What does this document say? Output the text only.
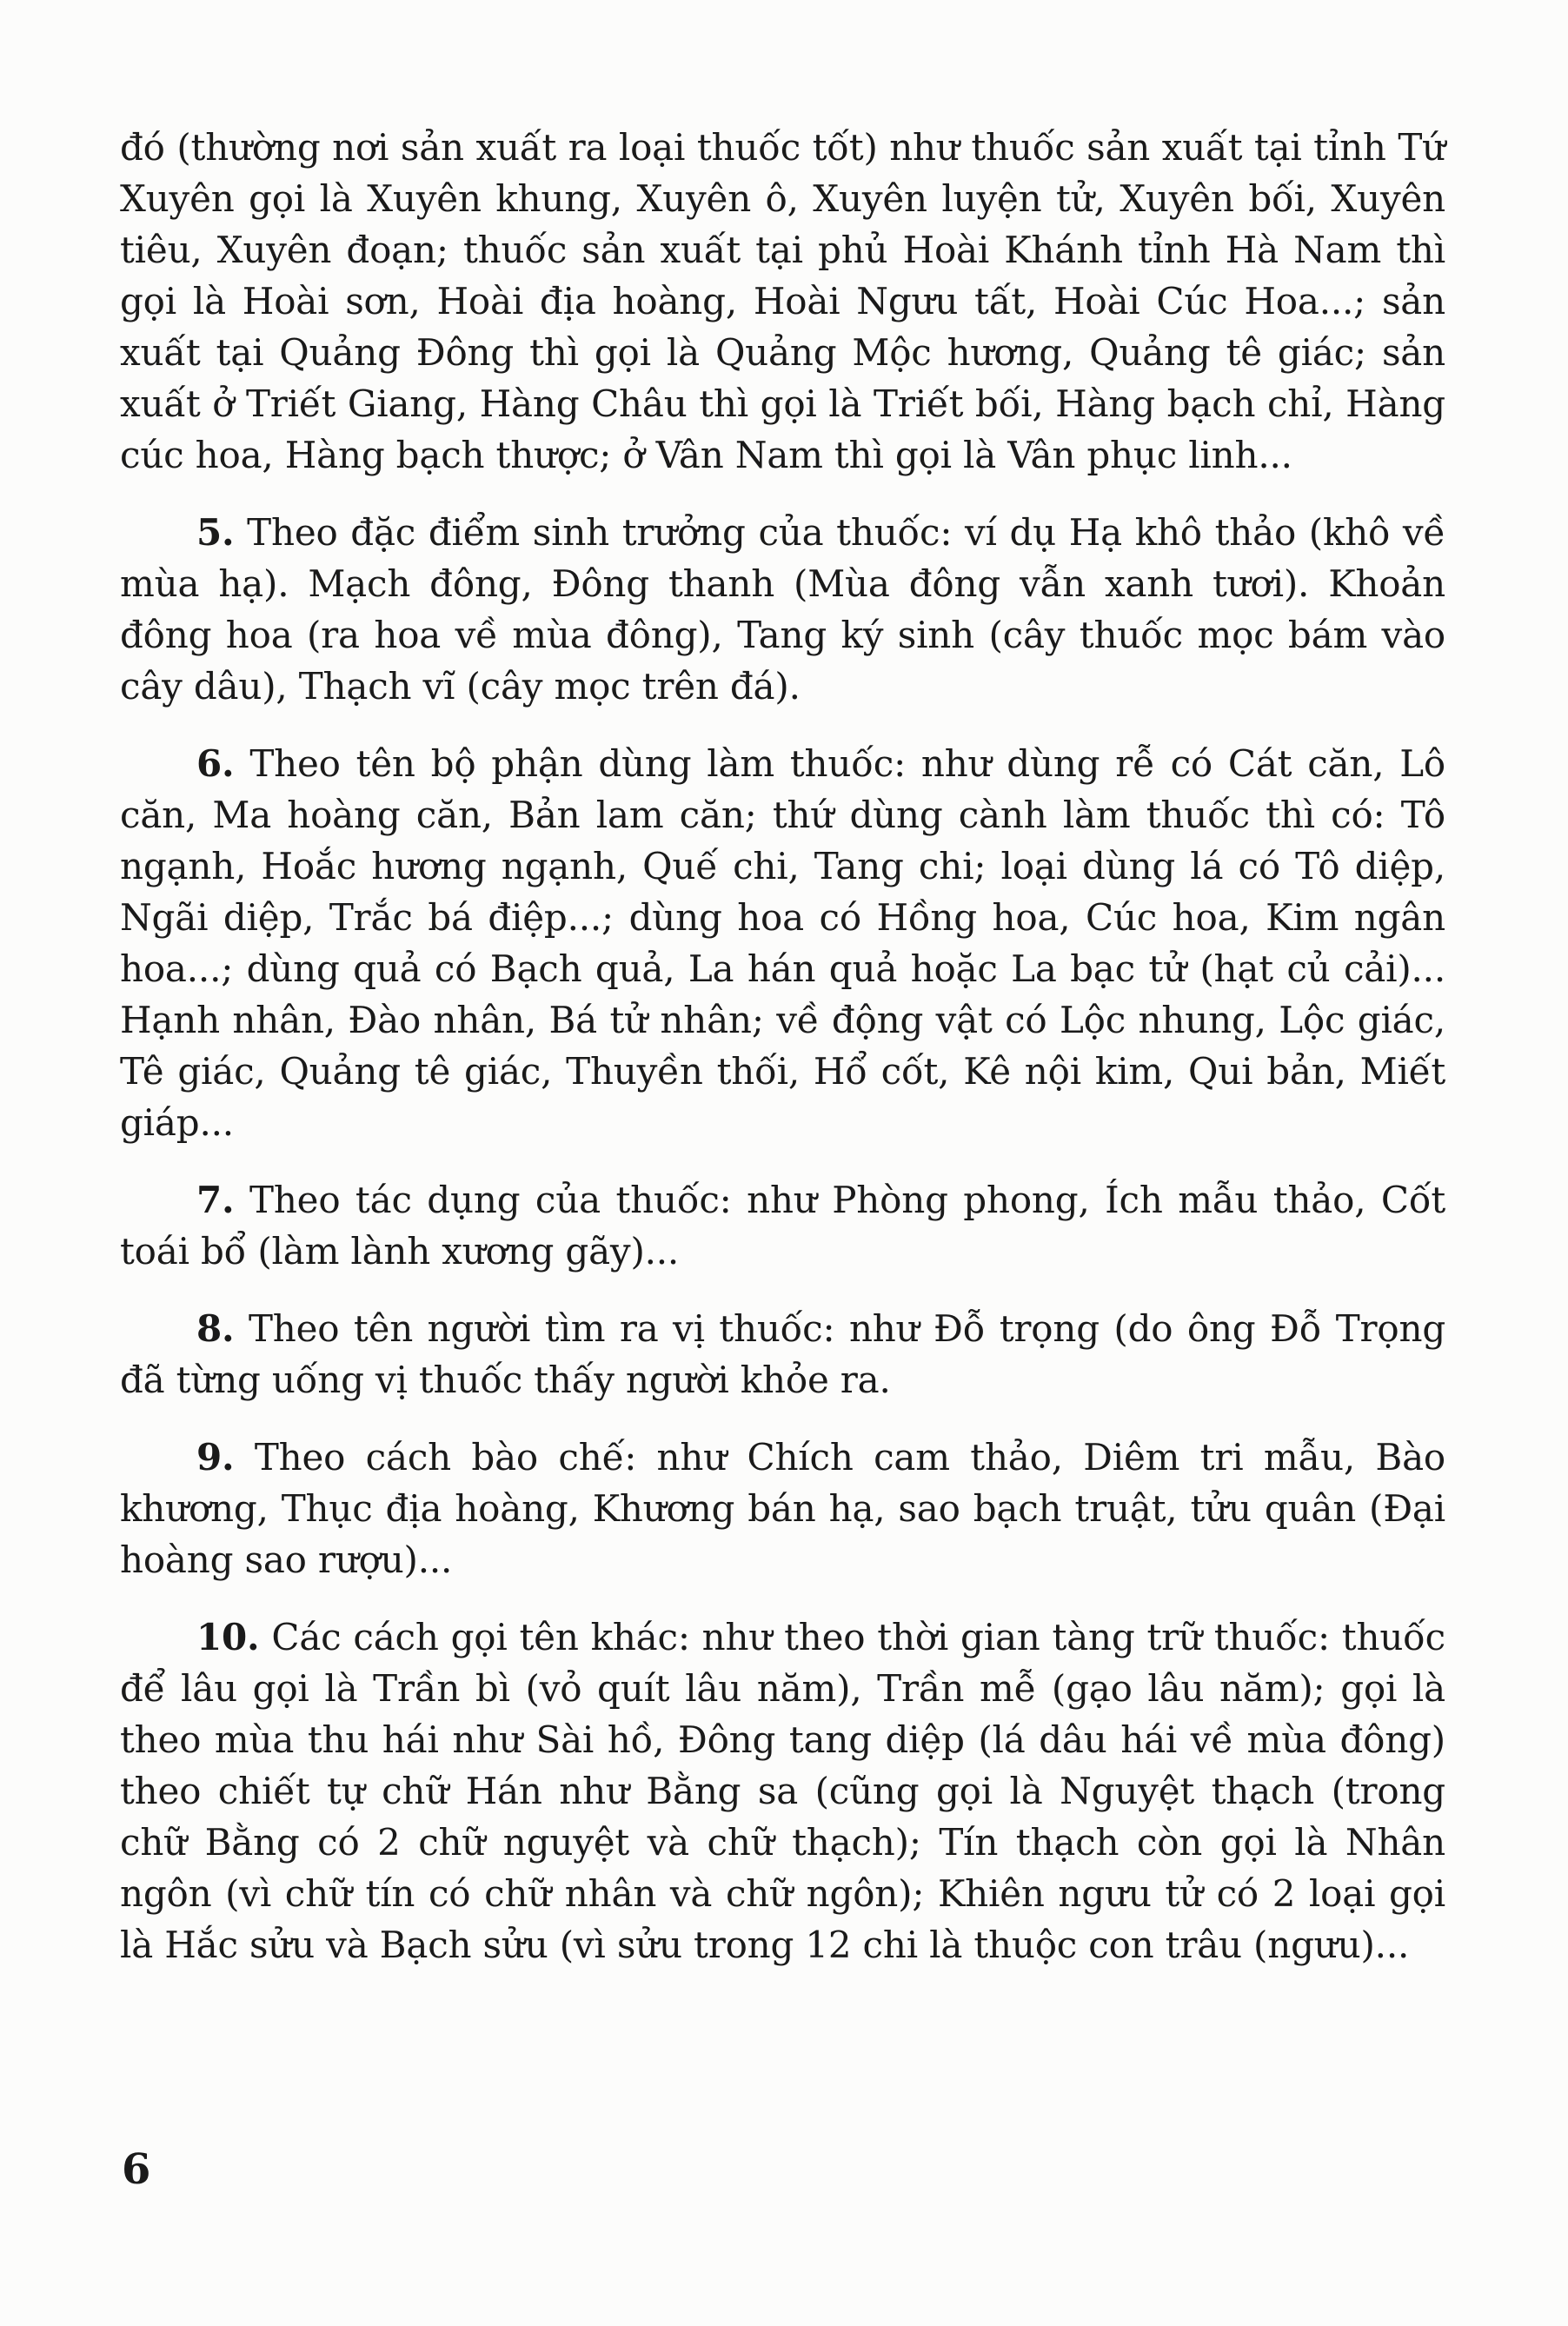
đó (thường nơi sản xuất ra loại thuốc tốt) như thuốc sản xuất tại tỉnh Tứ Xuyên gọi là Xuyên khung, Xuyên ô, Xuyên luyện tử, Xuyên bối, Xuyên tiêu, Xuyên đoạn; thuốc sản xuất tại phủ Hoài Khánh tỉnh Hà Nam thì gọi là Hoài sơn, Hoài địa hoàng, Hoài Ngưu tất, Hoài Cúc Hoa...; sản xuất tại Quảng Đông thì gọi là Quảng Mộc hương, Quảng tê giác; sản xuất ở Triết Giang, Hàng Châu thì gọi là Triết bối, Hàng bạch chỉ, Hàng cúc hoa, Hàng bạch thược; ở Vân Nam thì gọi là Vân phục linh...

5. Theo đặc điểm sinh trưởng của thuốc: ví dụ Hạ khô thảo (khô về mùa hạ). Mạch đông, Đông thanh (Mùa đông vẫn xanh tươi). Khoản đông hoa (ra hoa về mùa đông), Tang ký sinh (cây thuốc mọc bám vào cây dâu), Thạch vĩ (cây mọc trên đá).

6. Theo tên bộ phận dùng làm thuốc: như dùng rễ có Cát căn, Lô căn, Ma hoàng căn, Bản lam căn; thứ dùng cành làm thuốc thì có: Tô ngạnh, Hoắc hương ngạnh, Quế chi, Tang chi; loại dùng lá có Tô diệp, Ngãi diệp, Trắc bá điệp...; dùng hoa có Hồng hoa, Cúc hoa, Kim ngân hoa...; dùng quả có Bạch quả, La hán quả hoặc La bạc tử (hạt củ cải)... Hạnh nhân, Đào nhân, Bá tử nhân; về động vật có Lộc nhung, Lộc giác, Tê giác, Quảng tê giác, Thuyền thối, Hổ cốt, Kê nội kim, Qui bản, Miết giáp...

7. Theo tác dụng của thuốc: như Phòng phong, Ích mẫu thảo, Cốt toái bổ (làm lành xương gãy)...

8. Theo tên người tìm ra vị thuốc: như Đỗ trọng (do ông Đỗ Trọng đã từng uống vị thuốc thấy người khỏe ra.

9. Theo cách bào chế: như Chích cam thảo, Diêm tri mẫu, Bào khương, Thục địa hoàng, Khương bán hạ, sao bạch truật, tửu quân (Đại hoàng sao rượu)...

10. Các cách gọi tên khác: như theo thời gian tàng trữ thuốc: thuốc để lâu gọi là Trần bì (vỏ quít lâu năm), Trần mễ (gạo lâu năm); gọi là theo mùa thu hái như Sài hồ, Đông tang diệp (lá dâu hái về mùa đông) theo chiết tự chữ Hán như Bằng sa (cũng gọi là Nguyệt thạch (trong chữ Bằng có 2 chữ nguyệt và chữ thạch); Tín thạch còn gọi là Nhân ngôn (vì chữ tín có chữ nhân và chữ ngôn); Khiên ngưu tử có 2 loại gọi là Hắc sửu và Bạch sửu (vì sửu trong 12 chi là thuộc con trâu (ngưu)...

6
